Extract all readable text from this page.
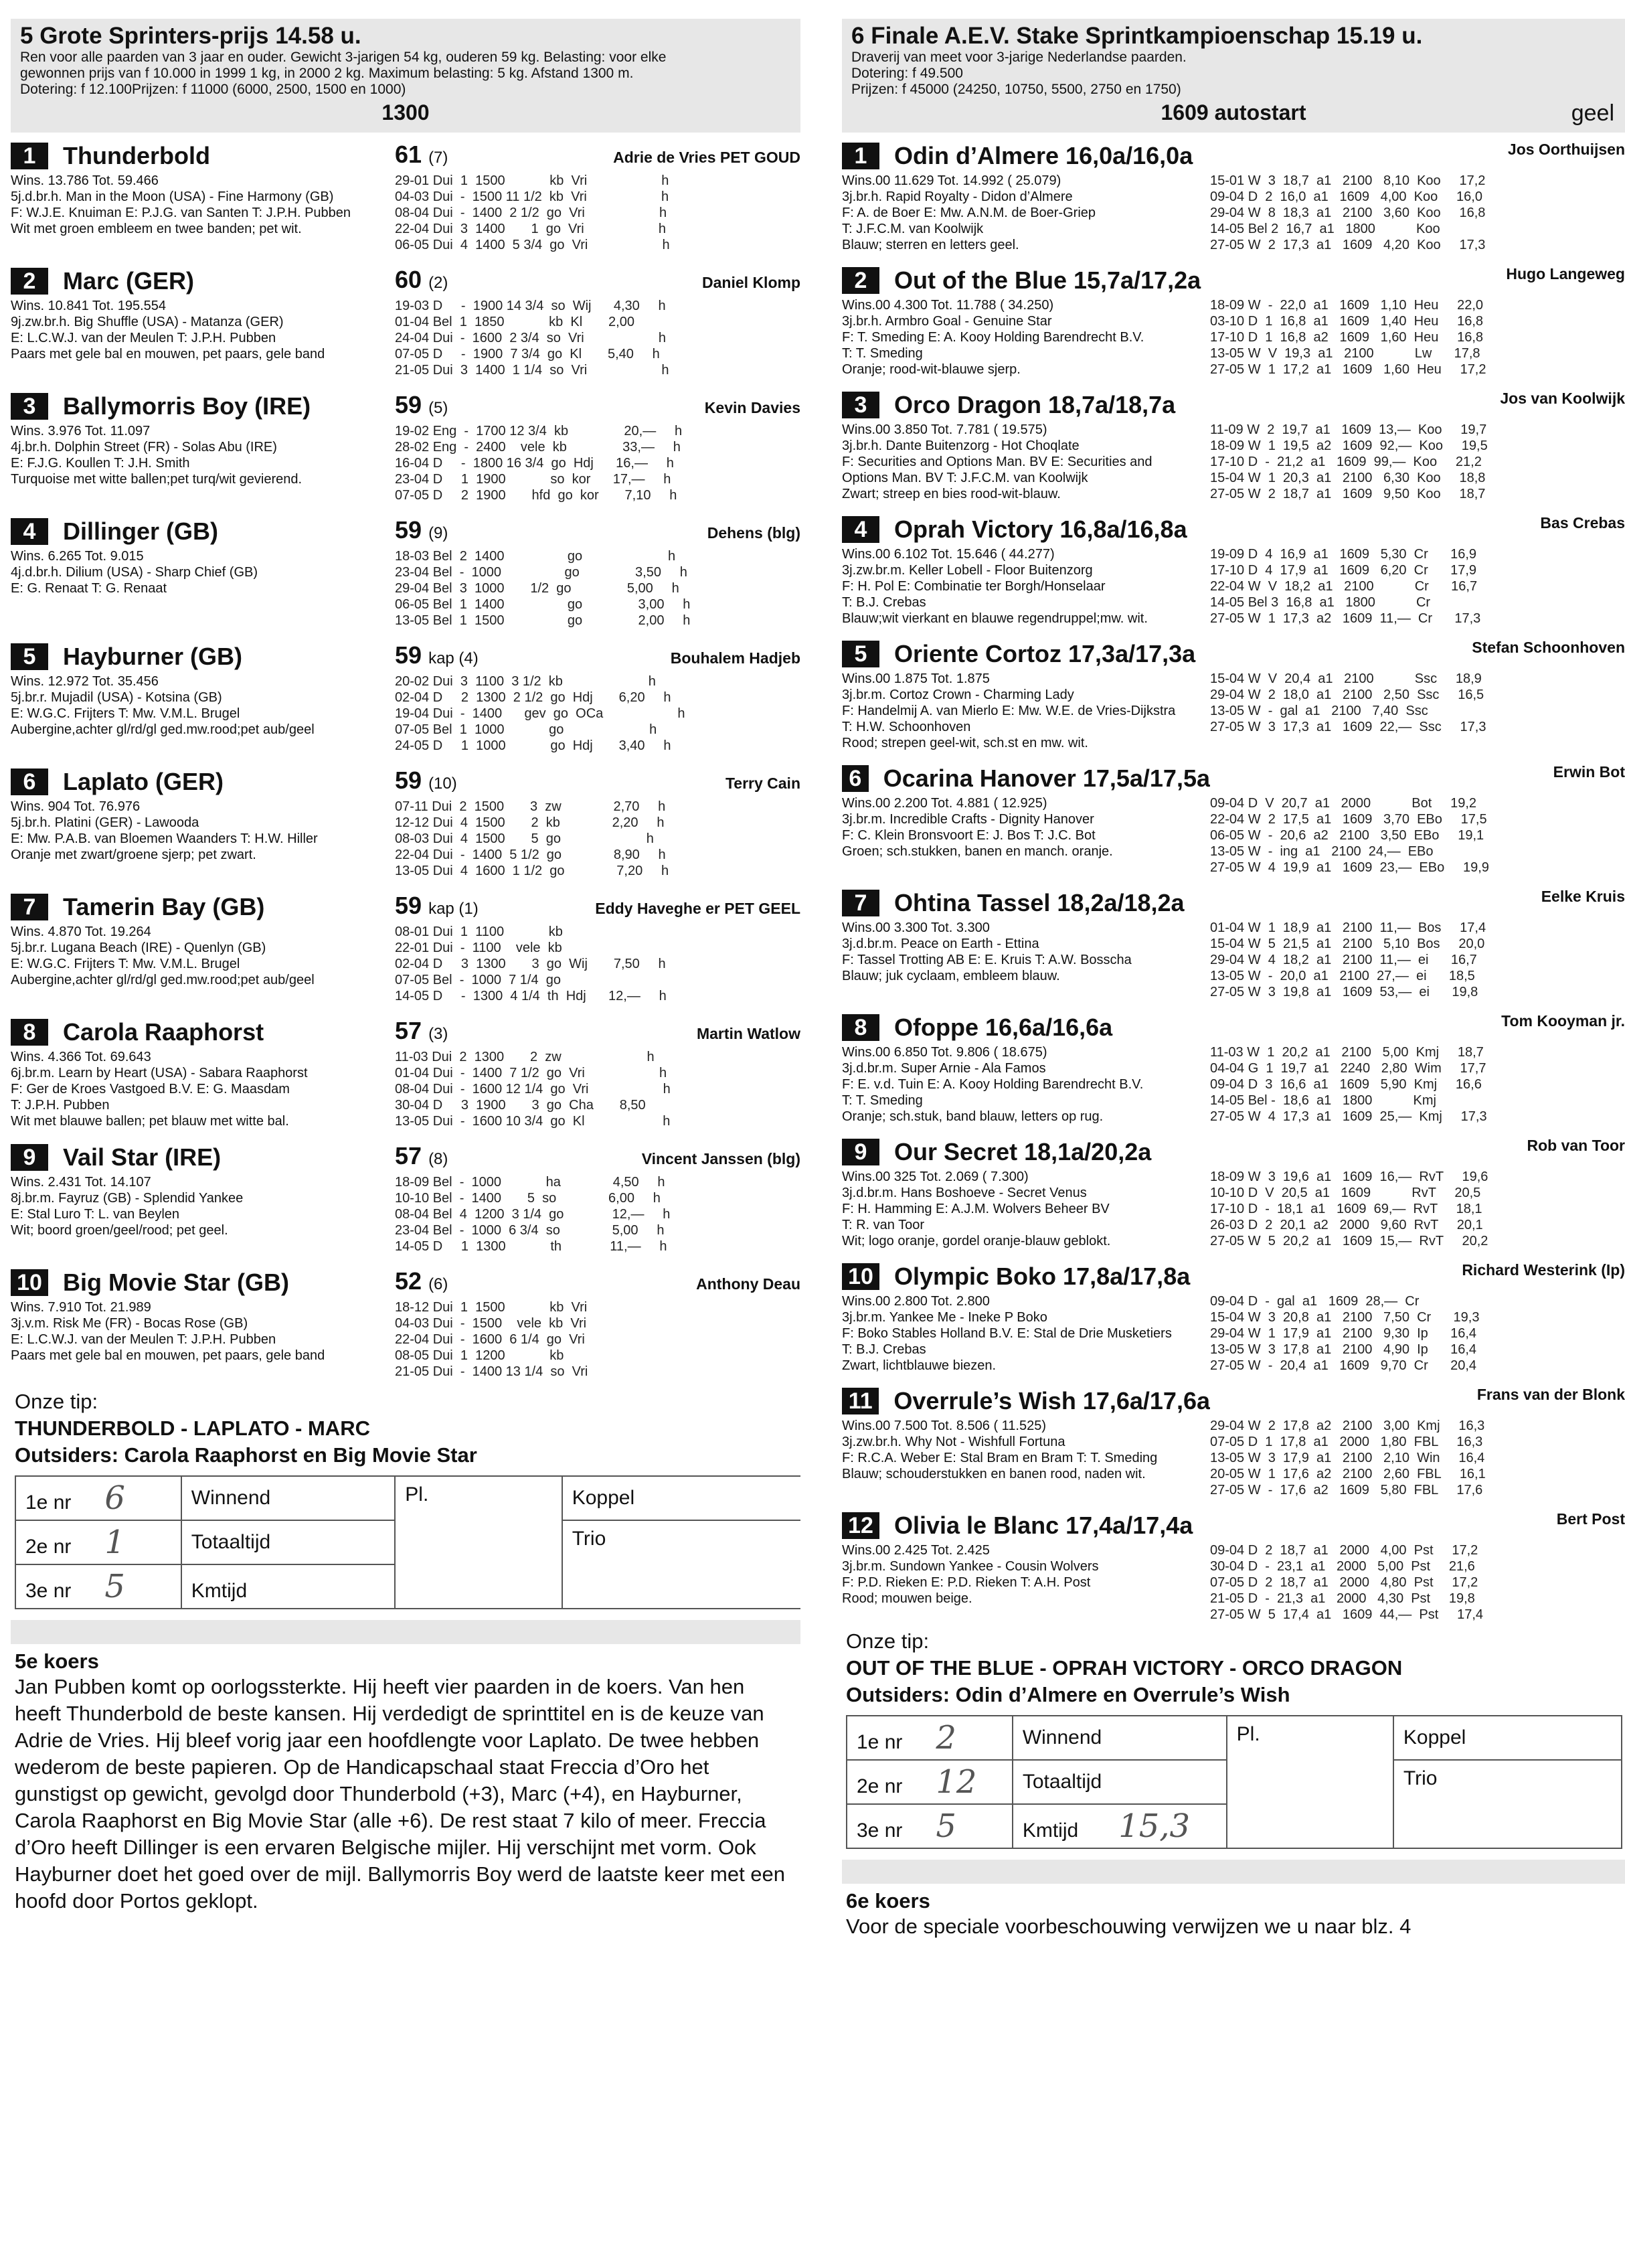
5 Grote Sprinters-prijs 14.58 u.
Ren voor alle paarden van 3 jaar en ouder. Gewicht 3-jarigen 54 kg, ouderen 59 kg. Belasting: voor elke
gewonnen prijs van f 10.000 in 1999 1 kg, in 2000 2 kg. Maximum belasting: 5 kg. Afstand 1300 m.
Dotering: f 12.100Prijzen: f 11000 (6000, 2500, 1500 en 1000)
1300
1	Thunderbold
Wins. 13.786 Tot. 59.466
5j.d.br.h. Man in the Moon (USA) - Fine Harmony (GB)
F: W.J.E. Knuiman E: P.J.G. van Santen T: J.P.H. Pubben
Wit met groen embleem en twee banden; pet wit.
61 (7)	Adrie de Vries PET GOUD
29-01 Dui  1  1500            kb  Vri                    h
04-03 Dui  -  1500 11 1/2  kb  Vri                    h
08-04 Dui  -  1400  2 1/2  go  Vri                    h
22-04 Dui  3  1400       1  go  Vri                    h
06-05 Dui  4  1400  5 3/4  go  Vri                    h
2	Marc (GER)
Wins. 10.841 Tot. 195.554
9j.zw.br.h. Big Shuffle (USA) - Matanza (GER)
E: L.C.W.J. van der Meulen T: J.P.H. Pubben
Paars met gele bal en mouwen, pet paars, gele band
60 (2)	Daniel Klomp
19-03 D     -  1900 14 3/4  so  Wij      4,30     h
01-04 Bel  1  1850            kb  Kl       2,00
24-04 Dui  -  1600  2 3/4  so  Vri                    h
07-05 D     -  1900  7 3/4  go  Kl       5,40     h
21-05 Dui  3  1400  1 1/4  so  Vri                    h
3	Ballymorris Boy (IRE)
Wins. 3.976 Tot. 11.097
4j.br.h. Dolphin Street (FR) - Solas Abu (IRE)
E: F.J.G. Koullen T: J.H. Smith
Turquoise met witte ballen;pet turq/wit gevierend.
59 (5)	Kevin Davies
19-02 Eng  -  1700 12 3/4  kb               20,—     h
28-02 Eng  -  2400    vele  kb               33,—     h
16-04 D     -  1800 16 3/4  go  Hdj      16,—     h
23-04 D     1  1900            so  kor      17,—     h
07-05 D     2  1900       hfd  go  kor       7,10     h
4	Dillinger (GB)
Wins. 6.265 Tot. 9.015
4j.d.br.h. Dilium (USA) - Sharp Chief (GB)
E: G. Renaat T: G. Renaat
59 (9)	Dehens (blg)
18-03 Bel  2  1400                 go                       h
23-04 Bel  -  1000                 go               3,50     h
29-04 Bel  3  1000       1/2  go               5,00     h
06-05 Bel  1  1400                 go               3,00     h
13-05 Bel  1  1500                 go               2,00     h
5	Hayburner (GB)
Wins. 12.972 Tot. 35.456
5j.br.r. Mujadil (USA) - Kotsina (GB)
E: W.G.C. Frijters T: Mw. V.M.L. Brugel
Aubergine,achter gl/rd/gl ged.mw.rood;pet aub/geel
59 kap (4)	Bouhalem Hadjeb
20-02 Dui  3  1100  3 1/2  kb                       h
02-04 D     2  1300  2 1/2  go  Hdj       6,20     h
19-04 Dui  -  1400      gev  go  OCa                    h
07-05 Bel  1  1000            go                       h
24-05 D     1  1000            go  Hdj       3,40     h
6	Laplato (GER)
Wins. 904 Tot. 76.976
5j.br.h. Platini (GER) - Lawooda
E: Mw. P.A.B. van Bloemen Waanders T: H.W. Hiller
Oranje met zwart/groene sjerp; pet zwart.
59 (10)	Terry Cain
07-11 Dui  2  1500       3  zw              2,70     h
12-12 Dui  4  1500       2  kb              2,20     h
08-03 Dui  4  1500       5  go                       h
22-04 Dui  -  1400  5 1/2  go              8,90     h
13-05 Dui  4  1600  1 1/2  go              7,20     h
7	Tamerin Bay (GB)
Wins. 4.870 Tot. 19.264
5j.br.r. Lugana Beach (IRE) - Quenlyn (GB)
E: W.G.C. Frijters T: Mw. V.M.L. Brugel
Aubergine,achter gl/rd/gl ged.mw.rood;pet aub/geel
59 kap (1)	Eddy Haveghe er PET GEEL
08-01 Dui  1  1100            kb
22-01 Dui  -  1100    vele  kb
02-04 D     3  1300       3  go  Wij       7,50     h
07-05 Bel  -  1000  7 1/4  go
14-05 D     -  1300  4 1/4  th  Hdj      12,—     h
8	Carola Raaphorst
Wins. 4.366 Tot. 69.643
6j.br.m. Learn by Heart (USA) - Sabara Raaphorst
F: Ger de Kroes Vastgoed B.V. E: G. Maasdam
T: J.P.H. Pubben
Wit met blauwe ballen; pet blauw met witte bal.
57 (3)	Martin Watlow
11-03 Dui  2  1300       2  zw                       h
01-04 Dui  -  1400  7 1/2  go  Vri                    h
08-04 Dui  -  1600 12 1/4  go  Vri                    h
30-04 D     3  1900       3  go  Cha       8,50
13-05 Dui  -  1600 10 3/4  go  Kl                     h
9	Vail Star (IRE)
Wins. 2.431 Tot. 14.107
8j.br.m. Fayruz (GB) - Splendid Yankee
E: Stal Luro T: L. van Beylen
Wit; boord groen/geel/rood; pet geel.
57 (8)	Vincent Janssen (blg)
18-09 Bel  -  1000            ha              4,50     h
10-10 Bel  -  1400       5  so              6,00     h
08-04 Bel  4  1200  3 1/4  go             12,—     h
23-04 Bel  -  1000  6 3/4  so              5,00     h
14-05 D     1  1300            th             11,—     h
10 Big Movie Star (GB)
Wins. 7.910 Tot. 21.989
3j.v.m. Risk Me (FR) - Bocas Rose (GB)
E: L.C.W.J. van der Meulen T: J.P.H. Pubben
Paars met gele bal en mouwen, pet paars, gele band
52 (6)	Anthony Deau
18-12 Dui  1  1500            kb  Vri
04-03 Dui  -  1500    vele  kb  Vri
22-04 Dui  -  1600  6 1/4  go  Vri
08-05 Dui  1  1200            kb
21-05 Dui  -  1400 13 1/4  so  Vri
Onze tip:
THUNDERBOLD - LAPLATO - MARC
Outsiders: Carola Raaphorst en Big Movie Star
1e nr 6	Winnend	Pl.	Koppel
2e nr 1	Totaaltijd		Trio
3e nr 5	Kmtijd		
5e koers
Jan Pubben komt op oorlogssterkte. Hij heeft vier paarden in de koers. Van hen heeft Thunderbold de beste kansen. Hij verdedigt de sprinttitel en is de keuze van Adrie de Vries. Hij bleef vorig jaar een hoofdlengte voor Laplato. De twee hebben wederom de beste papieren. Op de Handicapschaal staat Freccia d’Oro het gunstigst op gewicht, gevolgd door Thunderbold (+3), Marc (+4), en Hayburner, Carola Raaphorst en Big Movie Star (alle +6). De rest staat 7 kilo of meer. Freccia d’Oro heeft Dillinger is een ervaren Belgische mijler. Hij verschijnt met vorm. Ook Hayburner doet het goed over de mijl. Ballymorris Boy werd de laatste keer met een hoofd door Portos geklopt.
6 Finale A.E.V. Stake Sprintkampioenschap 15.19 u.
Draverij van meet voor 3-jarige Nederlandse paarden.
Dotering: f 49.500
Prijzen: f 45000 (24250, 10750, 5500, 2750 en 1750)
1609 autostart	geel
1	Odin d’Almere 16,0a/16,0a
Wins.00 11.629 Tot. 14.992 ( 25.079)
3j.br.h. Rapid Royalty - Didon d’Almere
F: A. de Boer E: Mw. A.N.M. de Boer-Griep
T: J.F.C.M. van Koolwijk
Blauw; sterren en letters geel.
Jos Oorthuijsen
15-01 W  3  18,7  a1   2100   8,10  Koo     17,2
09-04 D  2  16,0  a1   1609   4,00  Koo     16,0
29-04 W  8  18,3  a1   2100   3,60  Koo     16,8
14-05 Bel 2  16,7  a1   1800           Koo
27-05 W  2  17,3  a1   1609   4,20  Koo     17,3
2	Out of the Blue 15,7a/17,2a
Wins.00 4.300 Tot. 11.788 ( 34.250)
3j.br.h. Armbro Goal - Genuine Star
F: T. Smeding E: A. Kooy Holding Barendrecht B.V.
T: T. Smeding
Oranje; rood-wit-blauwe sjerp.
Hugo Langeweg
18-09 W  -  22,0  a1   1609   1,10  Heu     22,0
03-10 D  1  16,8  a1   1609   1,40  Heu     16,8
17-10 D  1  16,8  a2   1609   1,60  Heu     16,8
13-05 W  V  19,3  a1   2100           Lw      17,8
27-05 W  1  17,2  a1   1609   1,60  Heu     17,2
3	Orco Dragon 18,7a/18,7a
Wins.00 3.850 Tot. 7.781 ( 19.575)
3j.br.h. Dante Buitenzorg - Hot Choqlate
F: Securities and Options Man. BV E: Securities and
Options Man. BV T: J.F.C.M. van Koolwijk
Zwart; streep en bies rood-wit-blauw.
Jos van Koolwijk
11-09 W  2  19,7  a1   1609  13,—  Koo     19,7
18-09 W  1  19,5  a2   1609  92,—  Koo     19,5
17-10 D  -  21,2  a1   1609  99,—  Koo     21,2
15-04 W  1  20,3  a1   2100   6,30  Koo     18,8
27-05 W  2  18,7  a1   1609   9,50  Koo     18,7
4	Oprah Victory 16,8a/16,8a
Wins.00 6.102 Tot. 15.646 ( 44.277)
3j.zw.br.m. Keller Lobell - Floor Buitenzorg
F: H. Pol E: Combinatie ter Borgh/Honselaar
T: B.J. Crebas
Blauw;wit vierkant en blauwe regendruppel;mw. wit.
Bas Crebas
19-09 D  4  16,9  a1   1609   5,30  Cr      16,9
17-10 D  4  17,9  a1   1609   6,20  Cr      17,9
22-04 W  V  18,2  a1   2100           Cr      16,7
14-05 Bel 3  16,8  a1   1800           Cr
27-05 W  1  17,3  a2   1609  11,—  Cr      17,3
5	Oriente Cortoz 17,3a/17,3a
Wins.00 1.875 Tot. 1.875
3j.br.m. Cortoz Crown - Charming Lady
F: Handelmij A. van Mierlo E: Mw. W.E. de Vries-Dijkstra
T: H.W. Schoonhoven
Rood; strepen geel-wit, sch.st en mw. wit.
Stefan Schoonhoven
15-04 W  V  20,4  a1   2100           Ssc     18,9
29-04 W  2  18,0  a1   2100   2,50  Ssc     16,5
13-05 W  -  gal  a1   2100   7,40  Ssc
27-05 W  3  17,3  a1   1609  22,—  Ssc     17,3
6 Ocarina Hanover 17,5a/17,5a
Wins.00 2.200 Tot. 4.881 ( 12.925)
3j.br.m. Incredible Crafts - Dignity Hanover
F: C. Klein Bronsvoort E: J. Bos T: J.C. Bot
Groen; sch.stukken, banen en manch. oranje.
Erwin Bot
09-04 D  V  20,7  a1   2000           Bot     19,2
22-04 W  2  17,5  a1   1609   3,70  EBo     17,5
06-05 W  -  20,6  a2   2100   3,50  EBo     19,1
13-05 W  -  ing  a1   2100  24,—  EBo
27-05 W  4  19,9  a1   1609  23,—  EBo     19,9
7	Ohtina Tassel 18,2a/18,2a
Wins.00 3.300 Tot. 3.300
3j.d.br.m. Peace on Earth - Ettina
F: Tassel Trotting AB E: E. Kruis T: A.W. Bosscha
Blauw; juk cyclaam, embleem blauw.
Eelke Kruis
01-04 W  1  18,9  a1   2100  11,—  Bos     17,4
15-04 W  5  21,5  a1   2100   5,10  Bos     20,0
29-04 W  4  18,2  a1   2100  11,—  ei      16,7
13-05 W  -  20,0  a1   2100  27,—  ei      18,5
27-05 W  3  19,8  a1   1609  53,—  ei      19,8
8	Ofoppe 16,6a/16,6a
Wins.00 6.850 Tot. 9.806 ( 18.675)
3j.d.br.m. Super Arnie - Ala Famos
F: E. v.d. Tuin E: A. Kooy Holding Barendrecht B.V.
T: T. Smeding
Oranje; sch.stuk, band blauw, letters op rug.
Tom Kooyman jr.
11-03 W  1  20,2  a1   2100   5,00  Kmj     18,7
04-04 G  1  19,7  a1   2240   2,80  Wim     17,7
09-04 D  3  16,6  a1   1609   5,90  Kmj     16,6
14-05 Bel -  18,6  a1   1800           Kmj
27-05 W  4  17,3  a1   1609  25,—  Kmj     17,3
9	Our Secret 18,1a/20,2a
Wins.00 325 Tot. 2.069 ( 7.300)
3j.d.br.m. Hans Boshoeve - Secret Venus
F: H. Hamming E: A.J.M. Wolvers Beheer BV
T: R. van Toor
Wit; logo oranje, gordel oranje-blauw geblokt.
Rob van Toor
18-09 W  3  19,6  a1   1609  16,—  RvT     19,6
10-10 D  V  20,5  a1   1609           RvT     20,5
17-10 D  -  18,1  a1   1609  69,—  RvT     18,1
26-03 D  2  20,1  a2   2000   9,60  RvT     20,1
27-05 W  5  20,2  a1   1609  15,—  RvT     20,2
10 Olympic Boko 17,8a/17,8a
Wins.00 2.800 Tot. 2.800
3j.br.m. Yankee Me - Ineke P Boko
F: Boko Stables Holland B.V. E: Stal de Drie Musketiers
T: B.J. Crebas
Zwart, lichtblauwe biezen.
Richard Westerink (Ip)
09-04 D  -  gal  a1   1609  28,—  Cr
15-04 W  3  20,8  a1   2100   7,50  Cr      19,3
29-04 W  1  17,9  a1   2100   9,30  Ip      16,4
13-05 W  3  17,8  a1   2100   4,90  Ip      16,4
27-05 W  -  20,4  a1   1609   9,70  Cr      20,4
11 Overrule’s Wish 17,6a/17,6a
Wins.00 7.500 Tot. 8.506 ( 11.525)
3j.zw.br.h. Why Not - Wishfull Fortuna
F: R.C.A. Weber E: Stal Bram en Bram T: T. Smeding
Blauw; schouderstukken en banen rood, naden wit.
Frans van der Blonk
29-04 W  2  17,8  a2   2100   3,00  Kmj     16,3
07-05 D  1  17,8  a1   2000   1,80  FBL     16,3
13-05 W  3  17,9  a1   2100   2,10  Win     16,4
20-05 W  1  17,6  a2   2100   2,60  FBL     16,1
27-05 W  -  17,6  a2   1609   5,80  FBL     17,6
12 Olivia le Blanc 17,4a/17,4a
Wins.00 2.425 Tot. 2.425
3j.br.m. Sundown Yankee - Cousin Wolvers
F: P.D. Rieken E: P.D. Rieken T: A.H. Post
Rood; mouwen beige.
Bert Post
09-04 D  2  18,7  a1   2000   4,00  Pst     17,2
30-04 D  -  23,1  a1   2000   5,00  Pst     21,6
07-05 D  2  18,7  a1   2000   4,80  Pst     17,2
21-05 D  -  21,3  a1   2000   4,30  Pst     19,8
27-05 W  5  17,4  a1   1609  44,—  Pst     17,4
Onze tip:
OUT OF THE BLUE - OPRAH VICTORY - ORCO DRAGON
Outsiders: Odin d’Almere en Overrule’s Wish
1e nr 2	Winnend	Pl.	Koppel
2e nr 12	Totaaltijd		Trio
3e nr 5	Kmtijd 15,3		
6e koers
Voor de speciale voorbeschouwing verwijzen we u naar blz. 4
